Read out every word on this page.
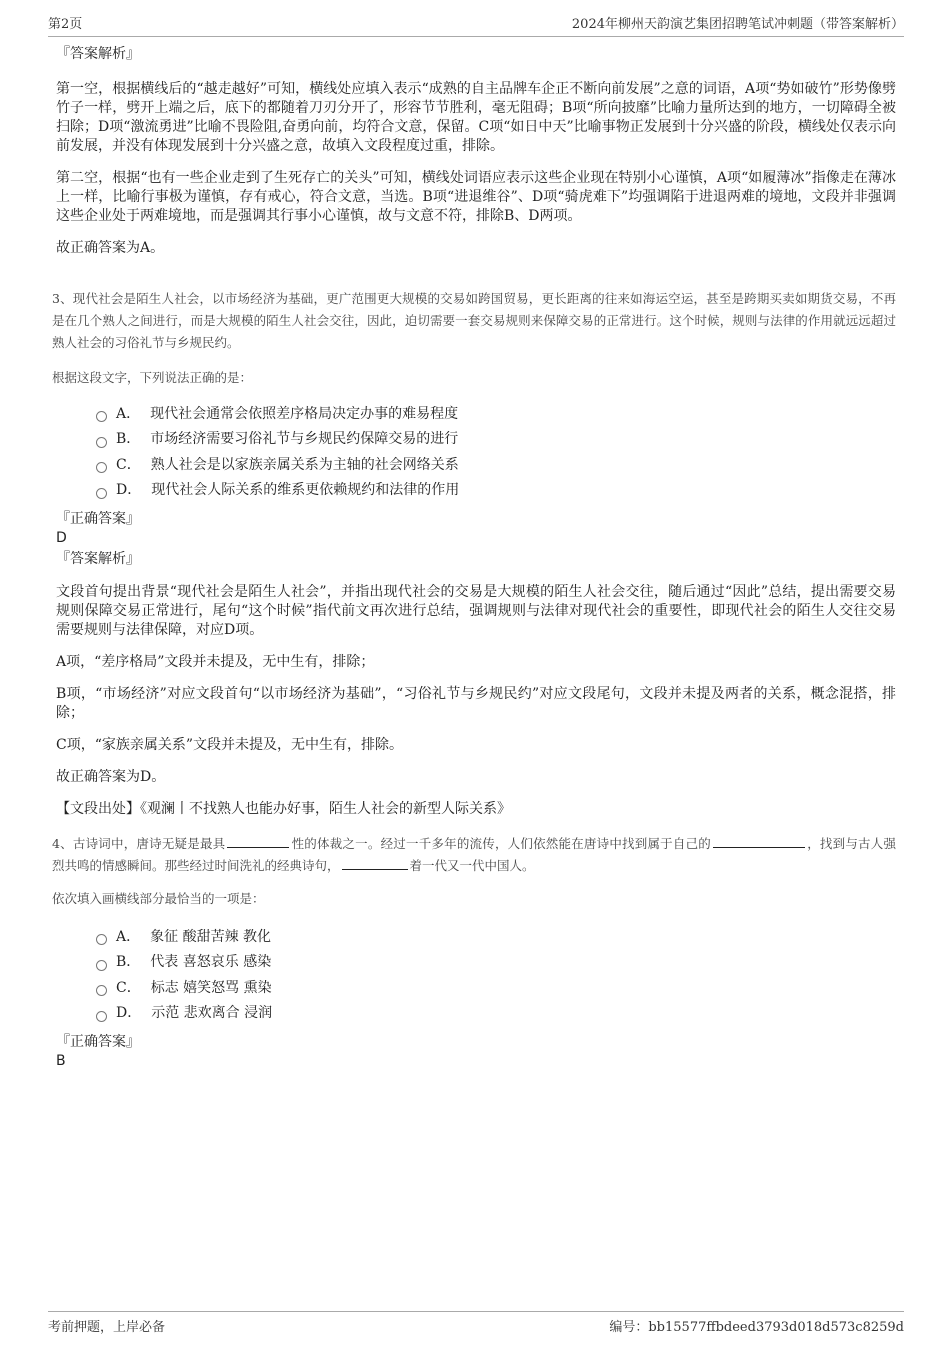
第2页	2024年柳州天韵演艺集团招聘笔试冲刺题（带答案解析）

『答案解析』

第一空，根据横线后的“越走越好”可知，横线处应填入表示“成熟的自主品牌车企正不断向前发展”之意的词语，A项“势如破竹”形势像劈竹子一样，劈开上端之后，底下的都随着刀刃分开了，形容节节胜利，毫无阻碍；B项“所向披靡”比喻力量所达到的地方，一切障碍全被扫除；D项“激流勇进”比喻不畏险阻,奋勇向前，均符合文意，保留。C项“如日中天”比喻事物正发展到十分兴盛的阶段，横线处仅表示向前发展，并没有体现发展到十分兴盛之意，故填入文段程度过重，排除。

第二空，根据“也有一些企业走到了生死存亡的关头”可知，横线处词语应表示这些企业现在特别小心谨慎，A项“如履薄冰”指像走在薄冰上一样，比喻行事极为谨慎，存有戒心，符合文意，当选。B项“进退维谷”、D项“骑虎难下”均强调陷于进退两难的境地，文段并非强调这些企业处于两难境地，而是强调其行事小心谨慎，故与文意不符，排除B、D两项。

故正确答案为A。

3、现代社会是陌生人社会，以市场经济为基础，更广范围更大规模的交易如跨国贸易，更长距离的往来如海运空运，甚至是跨期买卖如期货交易，不再是在几个熟人之间进行，而是大规模的陌生人社会交往，因此，迫切需要一套交易规则来保障交易的正常进行。这个时候，规则与法律的作用就远远超过熟人社会的习俗礼节与乡规民约。

根据这段文字，下列说法正确的是：

A． 现代社会通常会依照差序格局决定办事的难易程度
B． 市场经济需要习俗礼节与乡规民约保障交易的进行
C． 熟人社会是以家族亲属关系为主轴的社会网络关系
D． 现代社会人际关系的维系更依赖规约和法律的作用

『正确答案』

D

『答案解析』

文段首句提出背景“现代社会是陌生人社会”，并指出现代社会的交易是大规模的陌生人社会交往，随后通过“因此”总结，提出需要交易规则保障交易正常进行，尾句“这个时候”指代前文再次进行总结，强调规则与法律对现代社会的重要性，即现代社会的陌生人交往交易需要规则与法律保障，对应D项。

A项，“差序格局”文段并未提及，无中生有，排除；

B项，“市场经济”对应文段首句“以市场经济为基础”，“习俗礼节与乡规民约”对应文段尾句，文段并未提及两者的关系，概念混搭，排除；

C项，“家族亲属关系”文段并未提及，无中生有，排除。

故正确答案为D。

【文段出处】《观澜丨不找熟人也能办好事，陌生人社会的新型人际关系》

4、古诗词中，唐诗无疑是最具	性的体裁之一。经过一千多年的流传，人们依然能在唐诗中找到属于自己的	，找到与古人强烈共鸣的情感瞬间。那些经过时间洗礼的经典诗句，	着一代又一代中国人。

依次填入画横线部分最恰当的一项是：

A． 象征 酸甜苦辣 教化
B． 代表 喜怒哀乐 感染
C． 标志 嬉笑怒骂 熏染
D． 示范 悲欢离合 浸润

『正确答案』

B

考前押题，上岸必备	编号：bb15577ffbdeed3793d018d573c8259d
